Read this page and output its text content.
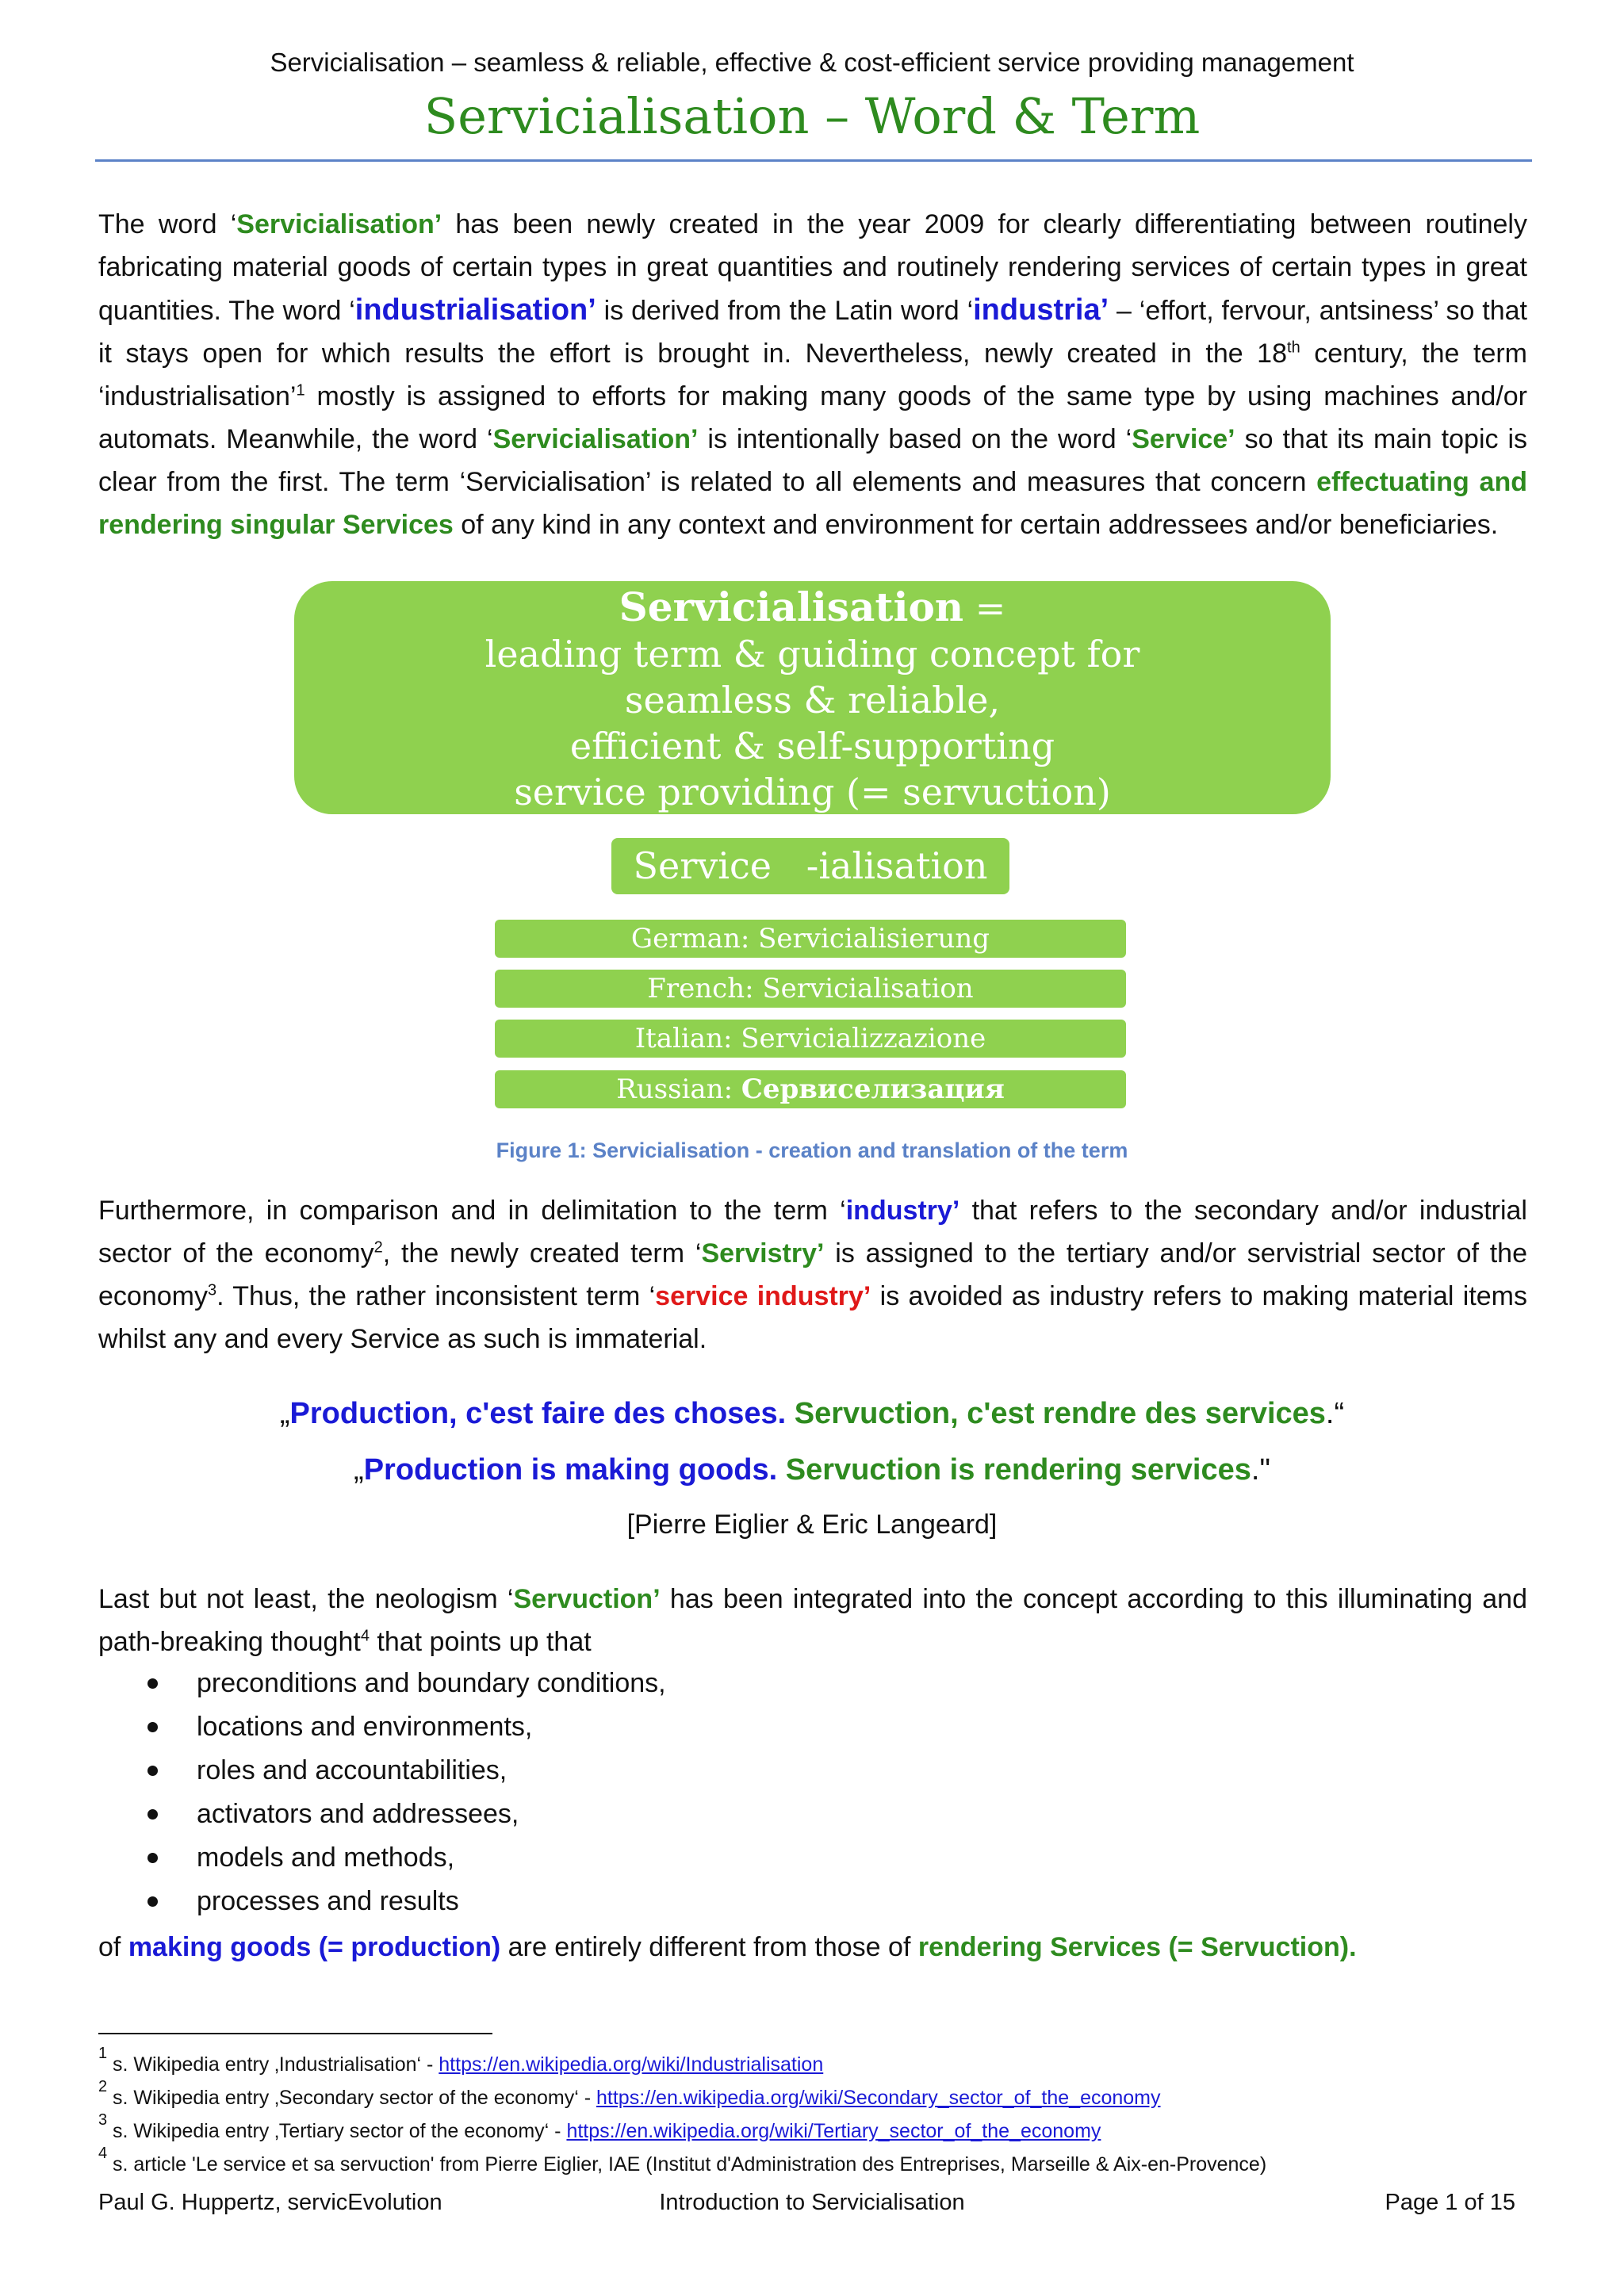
Servicialisation – seamless & reliable, effective & cost-efficient service providing management
Servicialisation – Word & Term

The word ‘Servicialisation’ has been newly created in the year 2009 for clearly differentiating between routinely fabricating material goods of certain types in great quantities and routinely rendering services of certain types in great quantities. The word ‘industrialisation’ is derived from the Latin word ‘industria’ – ‘effort, fervour, antsiness’ so that it stays open for which results the effort is brought in. Nevertheless, newly created in the 18th century, the term ‘industrialisation’$^1$ mostly is assigned to efforts for making many goods of the same type by using machines and/or automats. Meanwhile, the word ‘Servicialisation’ is intentionally based on the word ‘Service’ so that its main topic is clear from the first. The term ‘Servicialisation’ is related to all elements and measures that concern effectuating and rendering singular Services of any kind in any context and environment for certain addressees and/or beneficiaries.

Servicialisation =
leading term & guiding concept for
seamless & reliable,
efficient & self-supporting
service providing (= servuction)
Service   -ialisation
German: Servicialisierung
French: Servicialisation
Italian: Servicializzazione
Russian: Сервиселизация
Figure 1: Servicialisation - creation and translation of the term

Furthermore, in comparison and in delimitation to the term ‘industry’ that refers to the secondary and/or industrial sector of the economy$^2$, the newly created term ‘Servistry’ is assigned to the tertiary and/or servistrial sector of the economy$^3$. Thus, the rather inconsistent term ‘service industry’ is avoided as industry refers to making material items whilst any and every Service as such is immaterial.

„Production, c'est faire des choses. Servuction, c'est rendre des services.“
„Production is making goods. Servuction is rendering services."
[Pierre Eiglier & Eric Langeard]

Last but not least, the neologism ‘Servuction’ has been integrated into the concept according to this illuminating and path-breaking thought$^4$ that points up that

preconditions and boundary conditions,
locations and environments,
roles and accountabilities,
activators and addressees,
models and methods,
processes and results

of making goods (= production) are entirely different from those of rendering Services (= Servuction).

1 s. Wikipedia entry ‚Industrialisation‘ - https://en.wikipedia.org/wiki/Industrialisation
2 s. Wikipedia entry ‚Secondary sector of the economy‘ - https://en.wikipedia.org/wiki/Secondary_sector_of_the_economy
3 s. Wikipedia entry ‚Tertiary sector of the economy‘ - https://en.wikipedia.org/wiki/Tertiary_sector_of_the_economy
4 s. article 'Le service et sa servuction' from Pierre Eiglier, IAE (Institut d'Administration des Entreprises, Marseille & Aix-en-Provence)
Paul G. Huppertz, servicEvolution	Introduction to Servicialisation	Page 1 of 15
